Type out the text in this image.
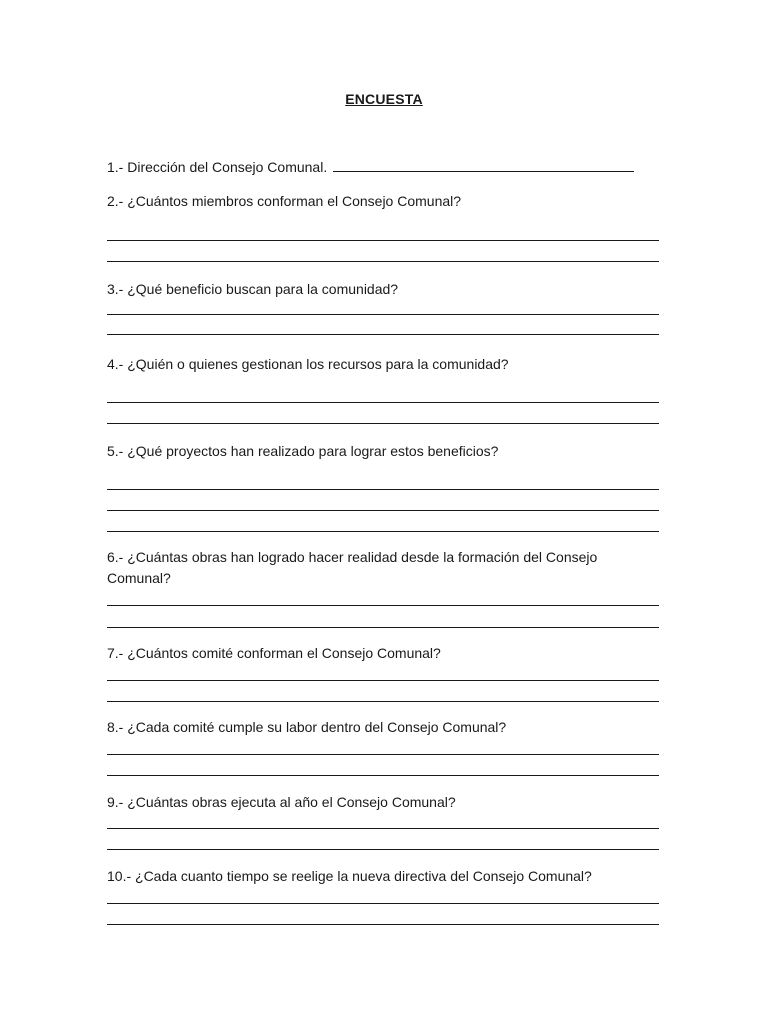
ENCUESTA
1.- Dirección del Consejo Comunal.
2.- ¿Cuántos miembros conforman el Consejo Comunal?
3.- ¿Qué beneficio buscan para la comunidad?
4.- ¿Quién o quienes gestionan los recursos para la comunidad?
5.- ¿Qué proyectos han realizado para lograr estos beneficios?
6.- ¿Cuántas obras han logrado hacer realidad desde la formación del Consejo Comunal?
7.- ¿Cuántos comité conforman el Consejo Comunal?
8.- ¿Cada comité cumple su labor dentro del Consejo Comunal?
9.- ¿Cuántas obras ejecuta al año el Consejo Comunal?
10.- ¿Cada cuanto tiempo se reelige la nueva directiva del Consejo Comunal?
